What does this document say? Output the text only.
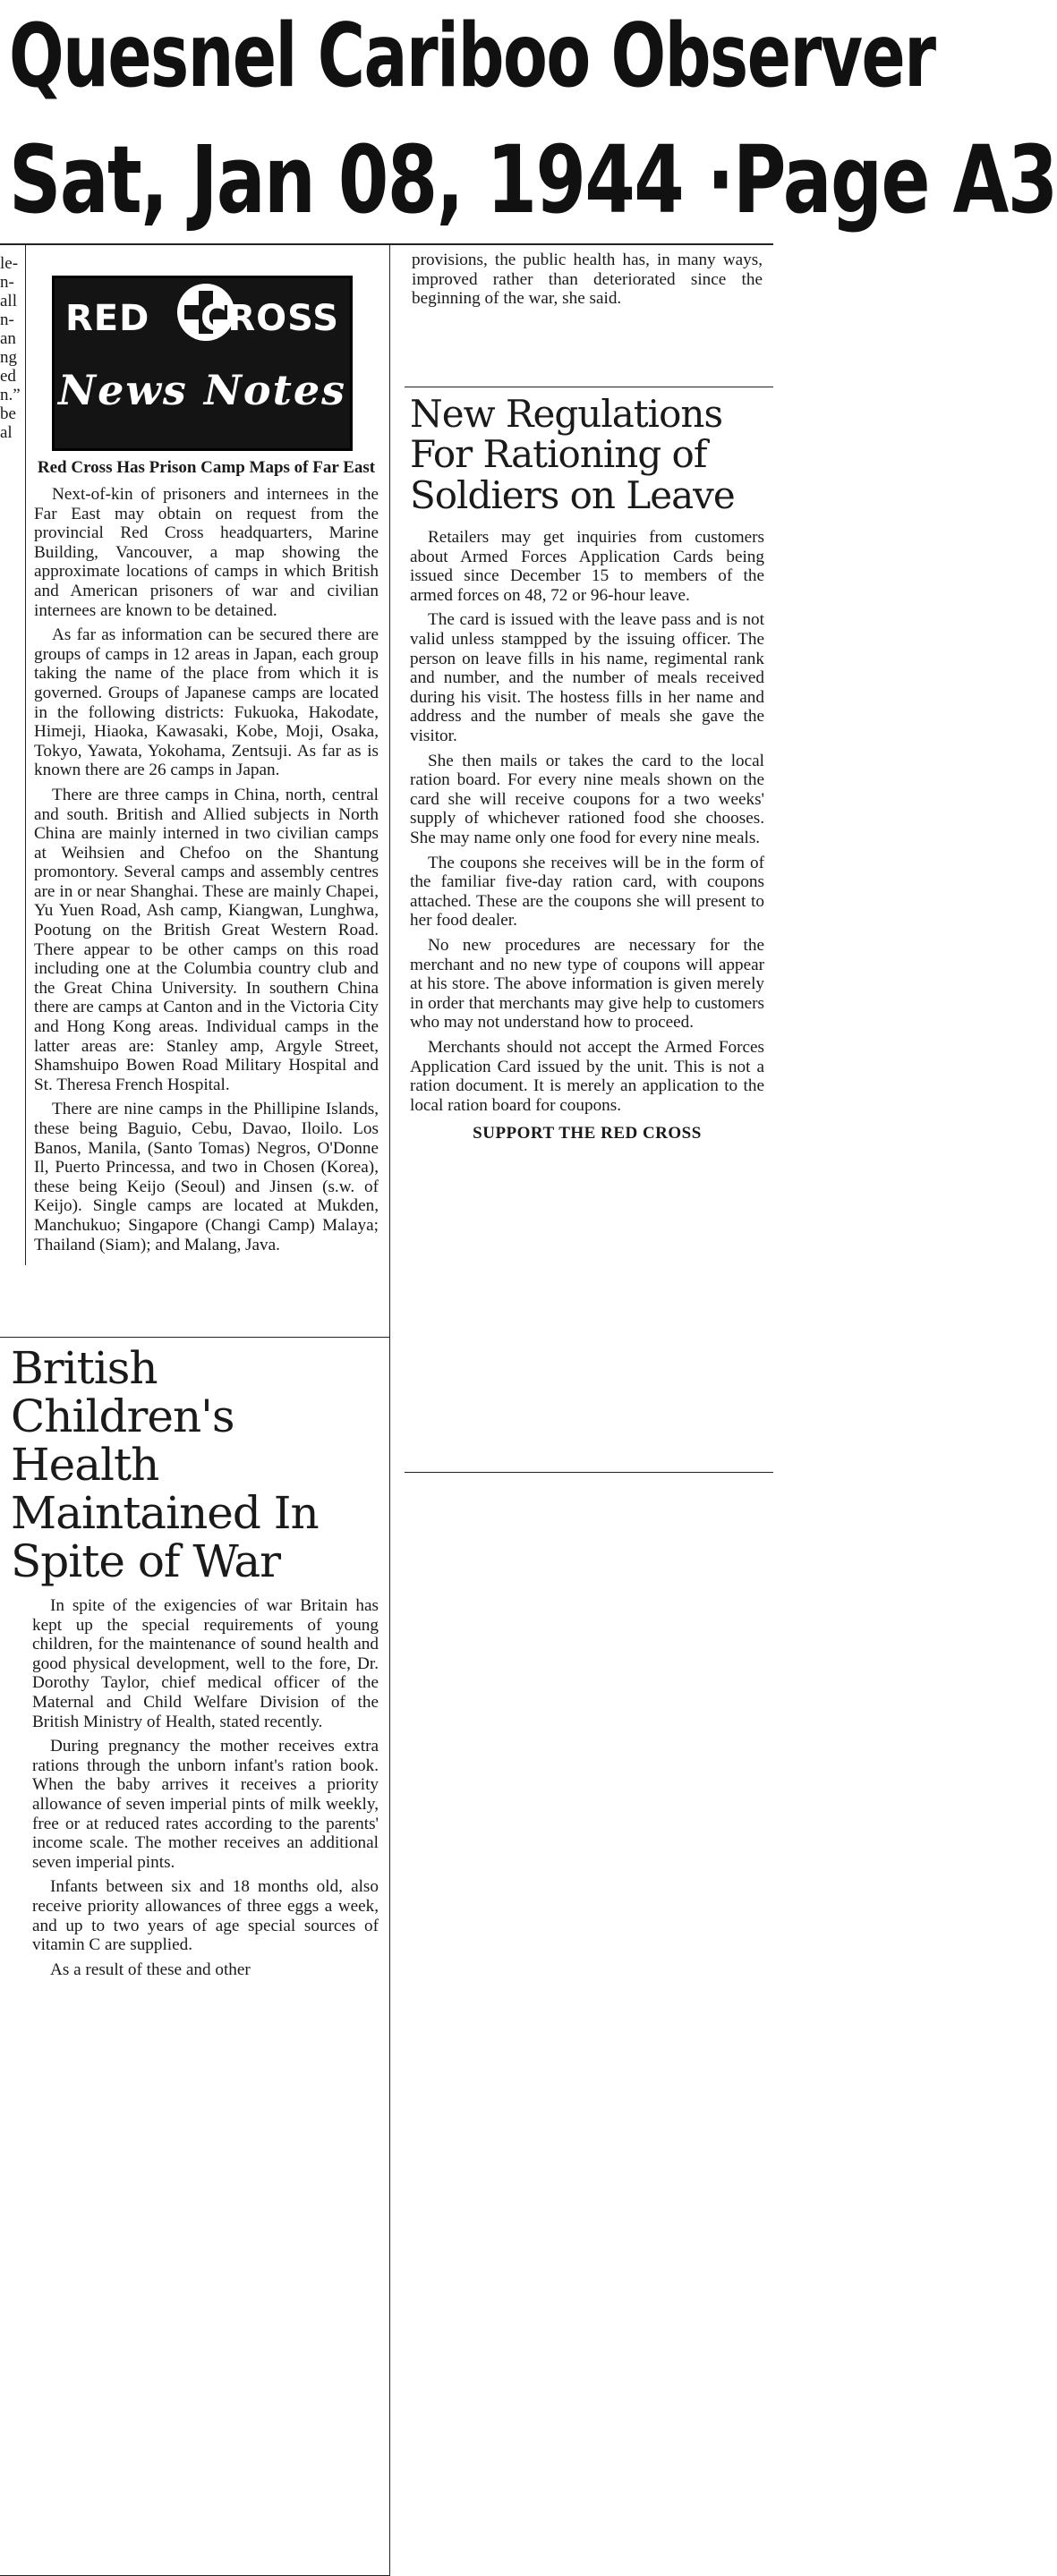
Quesnel Cariboo Observer
Sat, Jan 08, 1944 ·Page A3

le-

n-

all

n-

an

ng

ed

n.”

be

al

RED CROSS
News Notes
Red Cross Has Prison Camp Maps of Far East

Next-of-kin of prisoners and internees in the Far East may obtain on request from the provincial Red Cross headquarters, Marine Building, Vancouver, a map showing the approximate locations of camps in which British and American prisoners of war and civilian internees are known to be detained.

As far as information can be secured there are groups of camps in 12 areas in Japan, each group taking the name of the place from which it is governed. Groups of Japanese camps are located in the following districts: Fukuoka, Hakodate, Himeji, Hiaoka, Kawasaki, Kobe, Moji, Osaka, Tokyo, Yawata, Yokohama, Zentsuji. As far as is known there are 26 camps in Japan.

There are three camps in China, north, central and south. British and Allied subjects in North China are mainly interned in two civilian camps at Weihsien and Chefoo on the Shantung promontory. Several camps and assembly centres are in or near Shanghai. These are mainly Chapei, Yu Yuen Road, Ash camp, Kiangwan, Lunghwa, Pootung on the British Great Western Road. There appear to be other camps on this road including one at the Columbia country club and the Great China University. In southern China there are camps at Canton and in the Victoria City and Hong Kong areas. Individual camps in the latter areas are: Stanley amp, Argyle Street, Shamshuipo Bowen Road Military Hospital and St. Theresa French Hospital.

There are nine camps in the Phillipine Islands, these being Baguio, Cebu, Davao, Iloilo. Los Banos, Manila, (Santo Tomas) Negros, O'Donne Il, Puerto Princessa, and two in Chosen (Korea), these being Keijo (Seoul) and Jinsen (s.w. of Keijo). Single camps are located at Mukden, Manchukuo; Singapore (Changi Camp) Malaya; Thailand (Siam); and Malang, Java.

British Children's Health Maintained In Spite of War

In spite of the exigencies of war Britain has kept up the special requirements of young children, for the maintenance of sound health and good physical development, well to the fore, Dr. Dorothy Taylor, chief medical officer of the Maternal and Child Welfare Division of the British Ministry of Health, stated recently.

During pregnancy the mother receives extra rations through the unborn infant's ration book. When the baby arrives it receives a priority allowance of seven imperial pints of milk weekly, free or at reduced rates according to the parents' income scale. The mother receives an additional seven imperial pints.

Infants between six and 18 months old, also receive priority allowances of three eggs a week, and up to two years of age special sources of vitamin C are supplied.

As a result of these and other

provisions, the public health has, in many ways, improved rather than deteriorated since the beginning of the war, she said.

New Regulations For Rationing of Soldiers on Leave

Retailers may get inquiries from customers about Armed Forces Application Cards being issued since December 15 to members of the armed forces on 48, 72 or 96-hour leave.

The card is issued with the leave pass and is not valid unless stampped by the issuing officer. The person on leave fills in his name, regimental rank and number, and the number of meals received during his visit. The hostess fills in her name and address and the number of meals she gave the visitor.

She then mails or takes the card to the local ration board. For every nine meals shown on the card she will receive coupons for a two weeks' supply of whichever rationed food she chooses. She may name only one food for every nine meals.

The coupons she receives will be in the form of the familiar five-day ration card, with coupons attached. These are the coupons she will present to her food dealer.

No new procedures are necessary for the merchant and no new type of coupons will appear at his store. The above information is given merely in order that merchants may give help to customers who may not understand how to proceed.

Merchants should not accept the Armed Forces Application Card issued by the unit. This is not a ration document. It is merely an application to the local ration board for coupons.

SUPPORT THE RED CROSS
